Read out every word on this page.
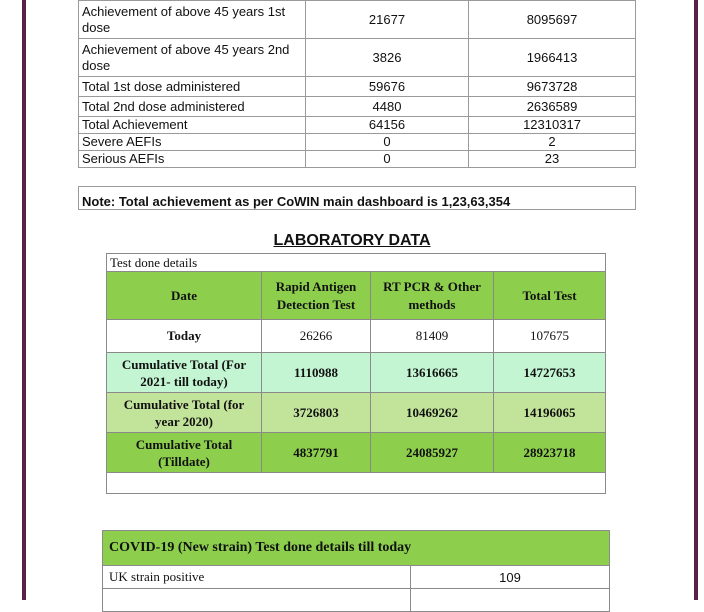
Achievement of above 45 years 1st dose	21677	8095697
Achievement of above 45 years 2nd dose	3826	1966413
Total 1st dose administered	59676	9673728
Total 2nd dose administered	4480	2636589
Total Achievement	64156	12310317
Severe AEFIs	0	2
Serious AEFIs	0	23

Note: Total achievement as per CoWIN main dashboard is 1,23,63,354		
LABORATORY DATA
Test done details			
Date	Rapid Antigen Detection Test	RT PCR & Other methods	Total Test
Today	26266	81409	107675
Cumulative Total (For 2021- till today)	1110988	13616665	14727653
Cumulative Total (for year 2020)	3726803	10469262	14196065
Cumulative Total (Tilldate)	4837791	24085927	28923718

COVID-19 (New strain) Test done details till today	
UK strain positive	109
